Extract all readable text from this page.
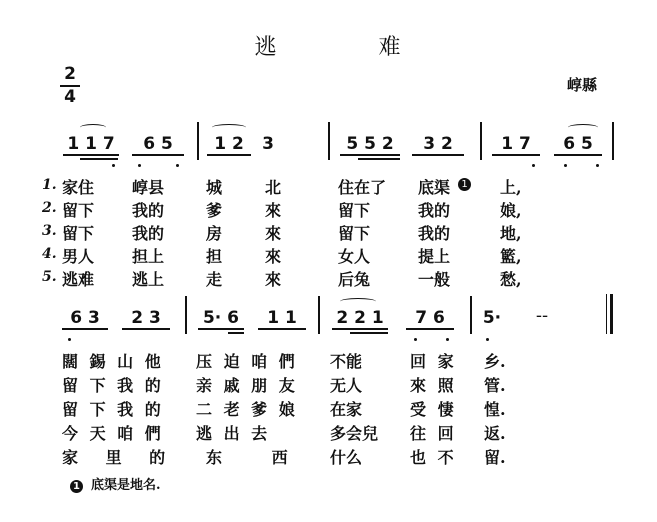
逃	难
2
4
崞縣
1 1 7	6 5	1 2	3	5 5 2	3 2	1 7	6 5
1. 家住 崞县	城	北	住在了 底渠	1 上,
2. 留下 我的	爹	來	留下	我的	娘,
3. 留下 我的	房	來	留下	我的	地,
4. 男人 担上	担	來	女人	提上	籃,
5. 逃难 逃上	走	來	后兔	一般	愁,
6 3	2 3	5· 6	1 1	2 2 1	7 6	5·	--
闊 錫 山 他 压 迫 咱 們 不能	回 家 乡.
留 下 我 的 亲 戚 朋 友 无人	來 照 管.
留 下 我 的 二 老 爹 娘 在家	受 悽 惶.
今 天 咱 們 逃 出 去	多会兒 往 回 返.
家 里 的	东 西	什么	也 不 留.
1 底渠是地名.
